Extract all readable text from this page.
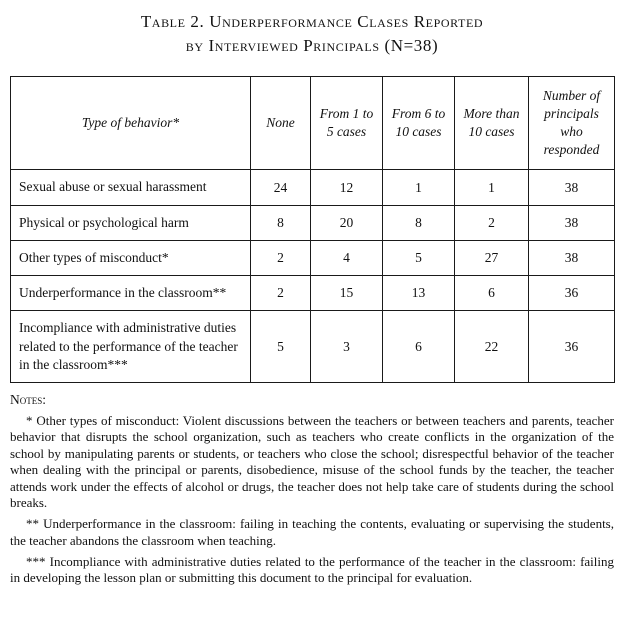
Table 2. Underperformance Clases Reported
by Interviewed Principals (N=38)
Type of behavior*	None	From 1 to 5 cases	From 6 to 10 cases	More than 10 cases	Number of principals who responded
Sexual abuse or sexual harassment	24	12	1	1	38
Physical or psychological harm	8	20	8	2	38
Other types of misconduct*	2	4	5	27	38
Underperformance in the classroom**	2	15	13	6	36
Incompliance with administrative duties related to the performance of the teacher in the classroom***	5	3	6	22	36
Notes:

* Other types of misconduct: Violent discussions between the teachers or between teachers and parents, teacher behavior that disrupts the school organization, such as teachers who create conflicts in the organization of the school by manipulating parents or students, or teachers who close the school; disrespectful behavior of the teacher when dealing with the principal or parents, disobedience, misuse of the school funds by the teacher, the teacher attends work under the effects of alcohol or drugs, the teacher does not help take care of students during the school breaks.

** Underperformance in the classroom: failing in teaching the contents, evaluating or supervising the students, the teacher abandons the classroom when teaching.

*** Incompliance with administrative duties related to the performance of the teacher in the classroom: failing in developing the lesson plan or submitting this document to the principal for evaluation.
